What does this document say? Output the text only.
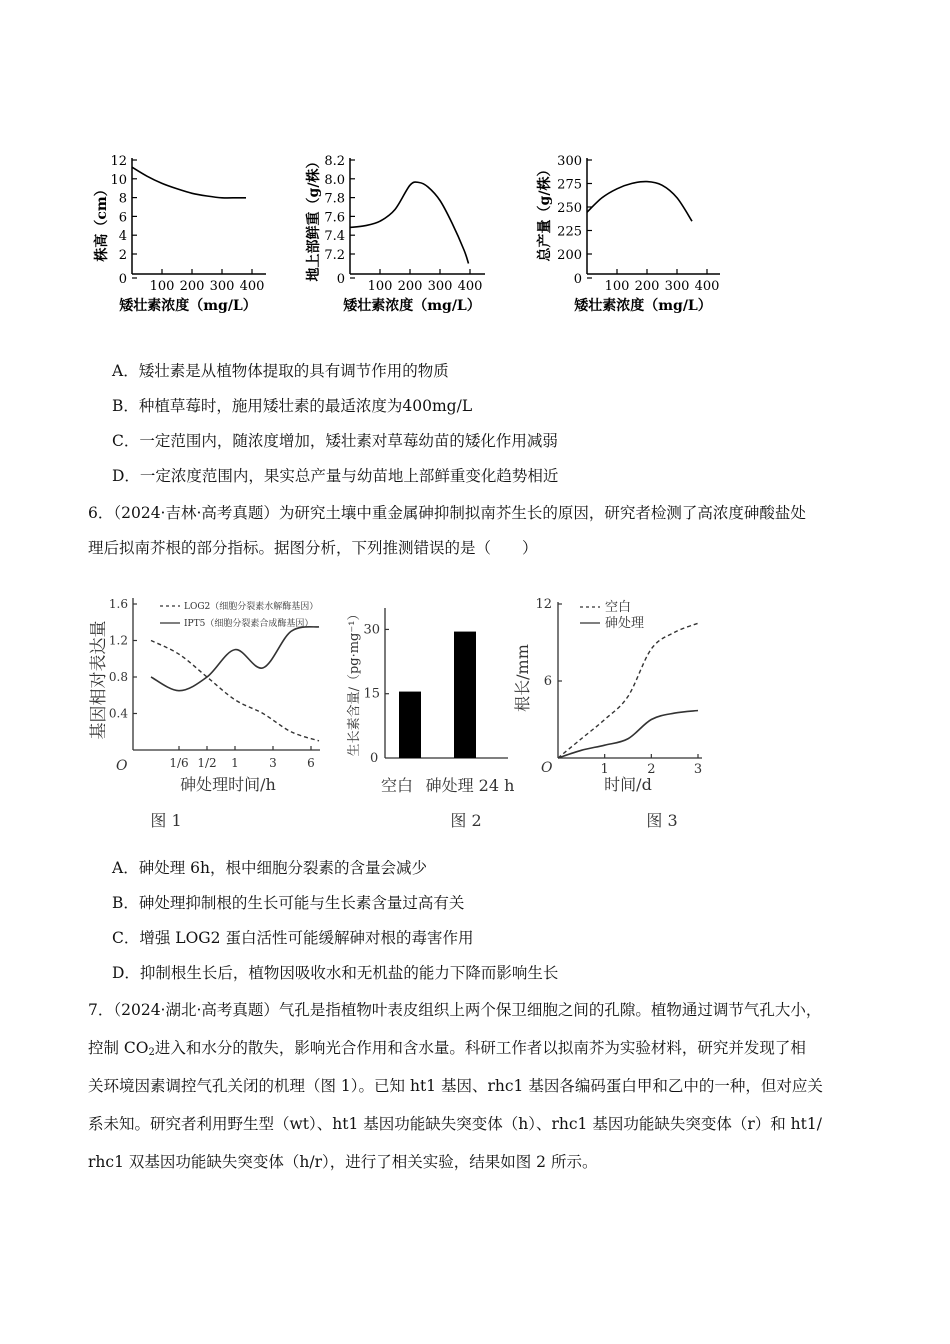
株高（cm）
12
10
8
6
4
2
0 100 200 300 400
矮壮素浓度（mg/L）
地上部鲜重（g/株） 8.2
8.0
7.8
7.6
7.4
7.2
0 100 200 300 400
矮壮素浓度（mg/L）
总产量（g/株）
300
275
250
225
200
0 100 200 300 400
矮壮素浓度（mg/L）
A．矮壮素是从植物体提取的具有调节作用的物质
B．种植草莓时，施用矮壮素的最适浓度为400mg/L
C．一定范围内，随浓度增加，矮壮素对草莓幼苗的矮化作用减弱
D．一定浓度范围内，果实总产量与幼苗地上部鲜重变化趋势相近
6．（2024·吉林·高考真题）为研究土壤中重金属砷抑制拟南芥生长的原因，研究者检测了高浓度砷酸盐处
理后拟南芥根的部分指标。据图分析，下列推测错误的是（　　）
基因相对表达量
O
1.6
1.2
0.8
0.4
1/6 1/2 1	3	6
LOG2（细胞分裂素水解酶基因）
IPT5（细胞分裂素合成酶基因）
砷处理时间/h
图 1
生长素含量/（pg·mg⁻¹）
0
30
15
空白 砷处理 24 h
图 2
根长/mm
O
12
6
1	2	3
空白
砷处理
时间/d
图 3
A．砷处理 6h，根中细胞分裂素的含量会减少
B．砷处理抑制根的生长可能与生长素含量过高有关
C．增强 LOG2 蛋白活性可能缓解砷对根的毒害作用
D．抑制根生长后，植物因吸收水和无机盐的能力下降而影响生长
7．（2024·湖北·高考真题）气孔是指植物叶表皮组织上两个保卫细胞之间的孔隙。植物通过调节气孔大小，
控制 $CO_2$进入和水分的散失，影响光合作用和含水量。科研工作者以拟南芥为实验材料，研究并发现了相
关环境因素调控气孔关闭的机理（图 1）。已知 ht1 基因、rhc1 基因各编码蛋白甲和乙中的一种，但对应关
系未知。研究者利用野生型（wt）、ht1 基因功能缺失突变体（h）、rhc1 基因功能缺失突变体（r）和 ht1/
rhc1 双基因功能缺失突变体（h/r），进行了相关实验，结果如图 2 所示。
